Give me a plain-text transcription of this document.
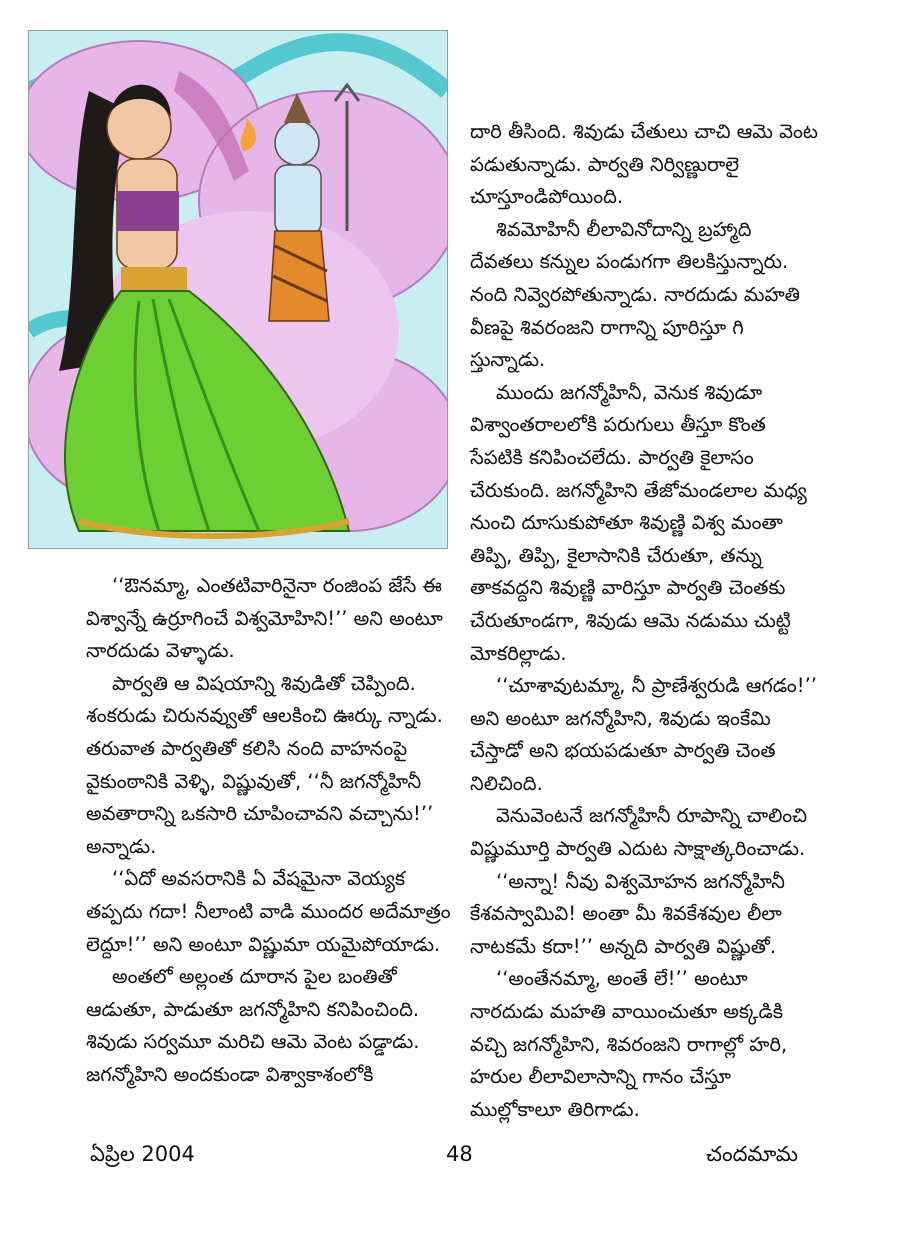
‘‘ఔనమ్మా, ఎంతటివారినైనా రంజింప జేసే ఈ విశ్వాన్నే ఉర్రూగించే విశ్వమోహిని!’’ అని అంటూ నారదుడు వెళ్ళాడు.

పార్వతి ఆ విషయాన్ని శివుడితో చెప్పింది. శంకరుడు చిరునవ్వుతో ఆలకించి ఊర్కు న్నాడు. తరువాత పార్వతితో కలిసి నంది వాహనంపై వైకుంఠానికి వెళ్ళి, విష్ణువుతో, ‘‘నీ జగన్మోహినీ అవతారాన్ని ఒకసారి చూపించావని వచ్చాను!’’ అన్నాడు.

‘‘ఏదో అవసరానికి ఏ వేషమైనా వెయ్యక తప్పదు గదా! నీలాంటి వాడి ముందర అదేమాత్రం లెద్దూ!’’ అని అంటూ విష్ణుమా యమైపోయాడు.

అంతలో అల్లంత దూరాన పైల బంతితో ఆడుతూ, పాడుతూ జగన్మోహిని కనిపించింది. శివుడు సర్వమూ మరిచి ఆమె వెంట పడ్డాడు. జగన్మోహిని అందకుండా విశ్వాకాశంలోకి

దారి తీసింది. శివుడు చేతులు చాచి ఆమె వెంట పడుతున్నాడు. పార్వతి నిర్విణ్ణురాలై చూస్తూండిపోయింది.

శివమోహినీ లీలావినోదాన్ని బ్రహ్మాది దేవతలు కన్నుల పండుగగా తిలకిస్తున్నారు. నంది నివ్వెరపోతున్నాడు. నారదుడు మహతి వీణపై శివరంజని రాగాన్ని పూరిస్తూ గి స్తున్నాడు.

ముందు జగన్మోహినీ, వెనుక శివుడూ విశ్వాంతరాలలోకి పరుగులు తీస్తూ కొంత సేపటికి కనిపించలేదు. పార్వతి కైలాసం చేరుకుంది. జగన్మోహిని తేజోమండలాల మధ్య నుంచి దూసుకుపోతూ శివుణ్ణి విశ్వ మంతా తిప్పి, తిప్పి, కైలాసానికి చేరుతూ, తన్ను తాకవద్దని శివుణ్ణి వారిస్తూ పార్వతి చెంతకు చేరుతూండగా, శివుడు ఆమె నడుము చుట్టి మోకరిల్లాడు.

‘‘చూశావుటమ్మా, నీ ప్రాణేశ్వరుడి ఆగడం!’’ అని అంటూ జగన్మోహిని, శివుడు ఇంకేమి చేస్తాడో అని భయపడుతూ పార్వతి చెంత నిలిచింది.

వెనువెంటనే జగన్మోహినీ రూపాన్ని చాలించి విష్ణుమూర్తి పార్వతి ఎదుట సాక్షాత్కరించాడు.

‘‘అన్నా! నీవు విశ్వమోహన జగన్మోహినీ కేశవస్వామివి! అంతా మీ శివకేశవుల లీలా నాటకమే కదా!’’ అన్నది పార్వతి విష్ణుతో.

‘‘అంతేనమ్మా, అంతే లే!’’ అంటూ నారదుడు మహతి వాయించుతూ అక్కడికి వచ్చి జగన్మోహిని, శివరంజని రాగాల్లో హరి, హరుల లీలావిలాసాన్ని గానం చేస్తూ ముల్లోకాలూ తిరిగాడు.

ఏప్రిల 2004	48	చందమామ
